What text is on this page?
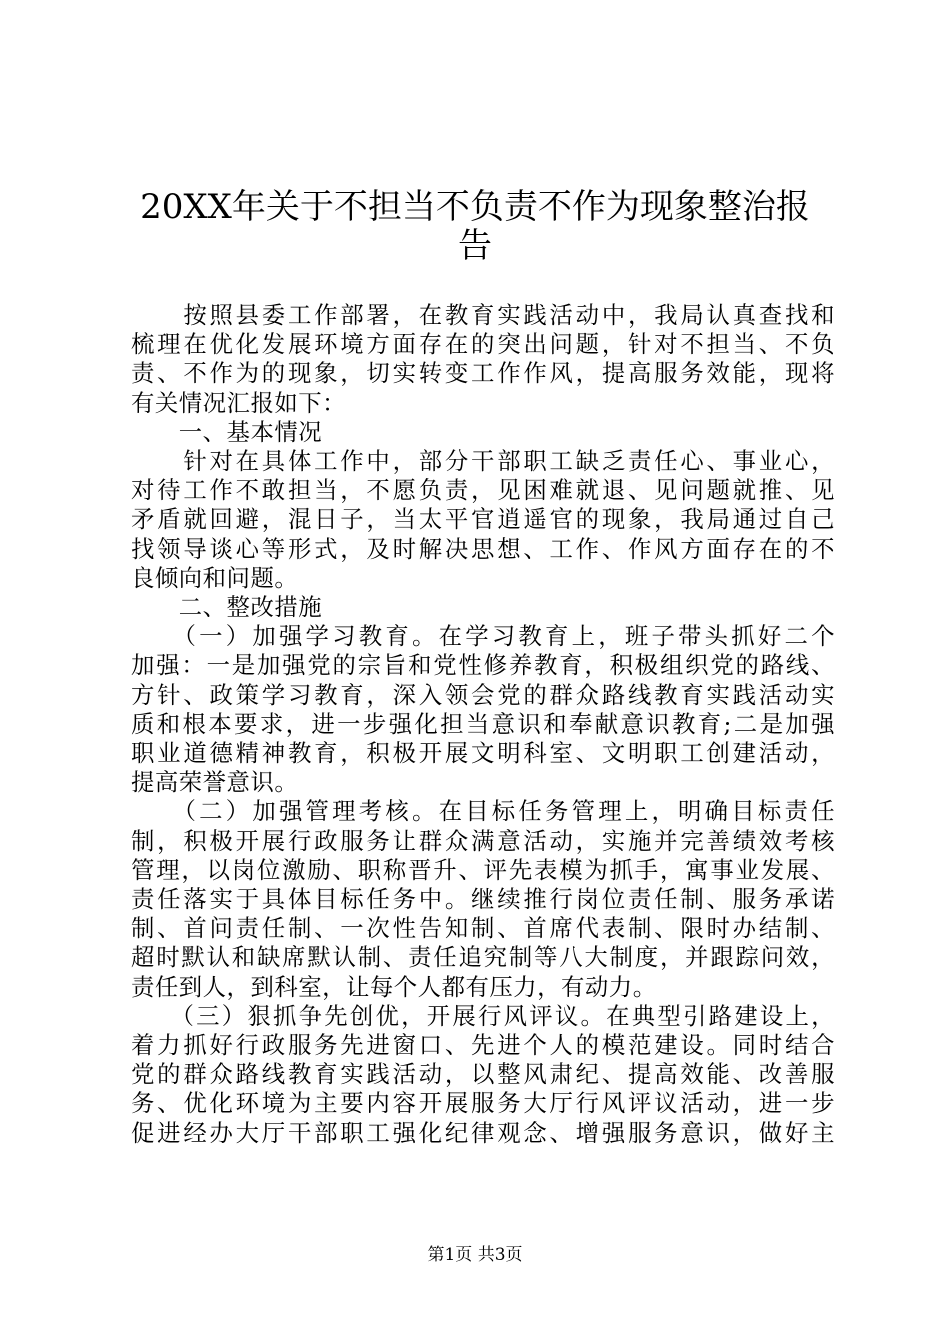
20XX年关于不担当不负责不作为现象整治报
告
　　按照县委工作部署，在教育实践活动中，我局认真查找和
梳理在优化发展环境方面存在的突出问题，针对不担当、不负
责、不作为的现象，切实转变工作作风，提高服务效能，现将
有关情况汇报如下：
　　一、基本情况
　　针对在具体工作中，部分干部职工缺乏责任心、事业心，
对待工作不敢担当，不愿负责，见困难就退、见问题就推、见
矛盾就回避，混日子，当太平官逍遥官的现象，我局通过自己
找领导谈心等形式，及时解决思想、工作、作风方面存在的不
良倾向和问题。
　　二、整改措施
　　（一）加强学习教育。在学习教育上，班子带头抓好二个
加强：一是加强党的宗旨和党性修养教育，积极组织党的路线、
方针、政策学习教育，深入领会党的群众路线教育实践活动实
质和根本要求，进一步强化担当意识和奉献意识教育;二是加强
职业道德精神教育，积极开展文明科室、文明职工创建活动，
提高荣誉意识。
　　（二）加强管理考核。在目标任务管理上，明确目标责任
制，积极开展行政服务让群众满意活动，实施并完善绩效考核
管理，以岗位激励、职称晋升、评先表模为抓手，寓事业发展、
责任落实于具体目标任务中。继续推行岗位责任制、服务承诺
制、首问责任制、一次性告知制、首席代表制、限时办结制、
超时默认和缺席默认制、责任追究制等八大制度，并跟踪问效，
责任到人，到科室，让每个人都有压力，有动力。
　　（三）狠抓争先创优，开展行风评议。在典型引路建设上，
着力抓好行政服务先进窗口、先进个人的模范建设。同时结合
党的群众路线教育实践活动，以整风肃纪、提高效能、改善服
务、优化环境为主要内容开展服务大厅行风评议活动，进一步
促进经办大厅干部职工强化纪律观念、增强服务意识，做好主
第1页 共3页
